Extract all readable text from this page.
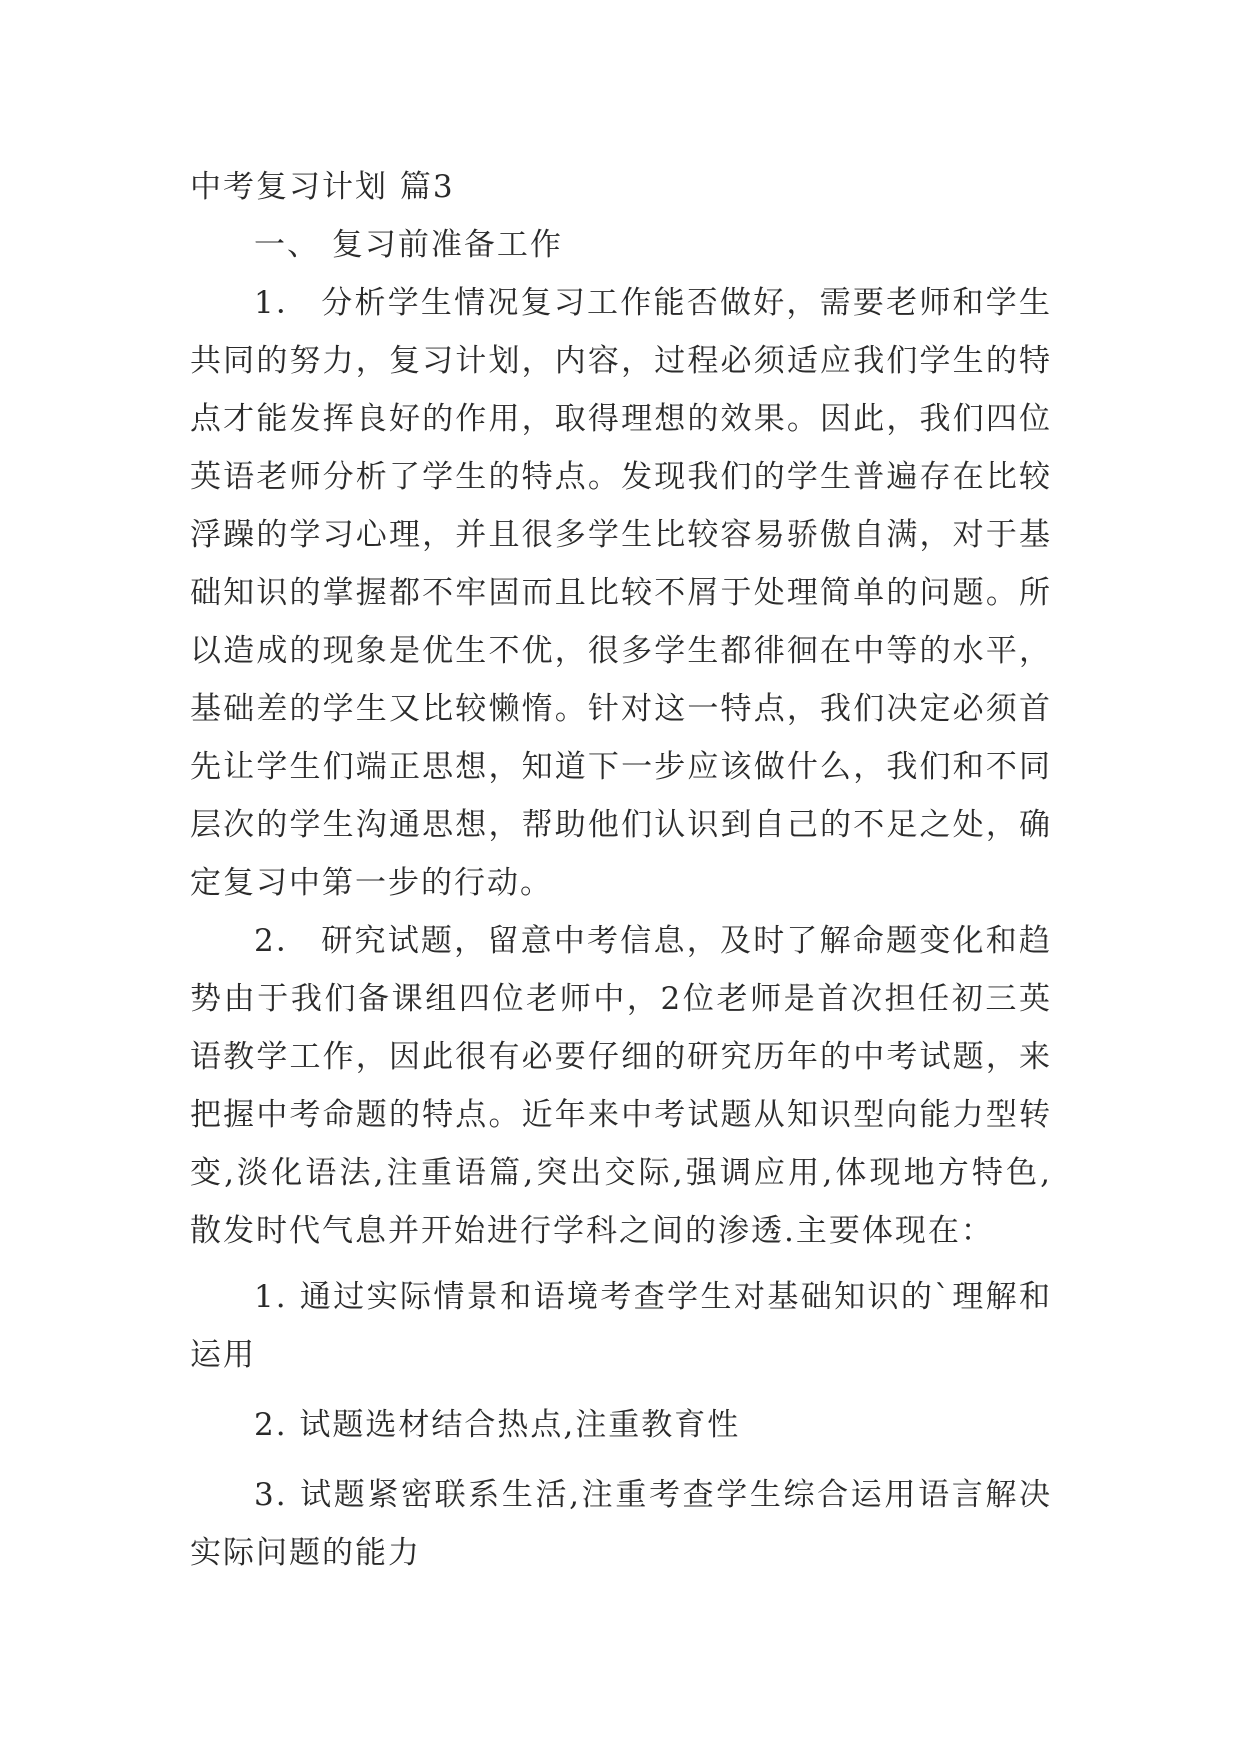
中考复习计划 篇3

一、 复习前准备工作

1． 分析学生情况复习工作能否做好，需要老师和学生共同的努力，复习计划，内容，过程必须适应我们学生的特点才能发挥良好的作用，取得理想的效果。因此，我们四位英语老师分析了学生的特点。发现我们的学生普遍存在比较浮躁的学习心理，并且很多学生比较容易骄傲自满，对于基础知识的掌握都不牢固而且比较不屑于处理简单的问题。所以造成的现象是优生不优，很多学生都徘徊在中等的水平，基础差的学生又比较懒惰。针对这一特点，我们决定必须首先让学生们端正思想，知道下一步应该做什么，我们和不同层次的学生沟通思想，帮助他们认识到自己的不足之处，确定复习中第一步的行动。

2． 研究试题，留意中考信息，及时了解命题变化和趋势由于我们备课组四位老师中，2位老师是首次担任初三英语教学工作，因此很有必要仔细的研究历年的中考试题，来把握中考命题的特点。近年来中考试题从知识型向能力型转变,淡化语法,注重语篇,突出交际,强调应用,体现地方特色,散发时代气息并开始进行学科之间的渗透.主要体现在：

1. 通过实际情景和语境考查学生对基础知识的`理解和运用

2. 试题选材结合热点,注重教育性

3. 试题紧密联系生活,注重考查学生综合运用语言解决实际问题的能力
